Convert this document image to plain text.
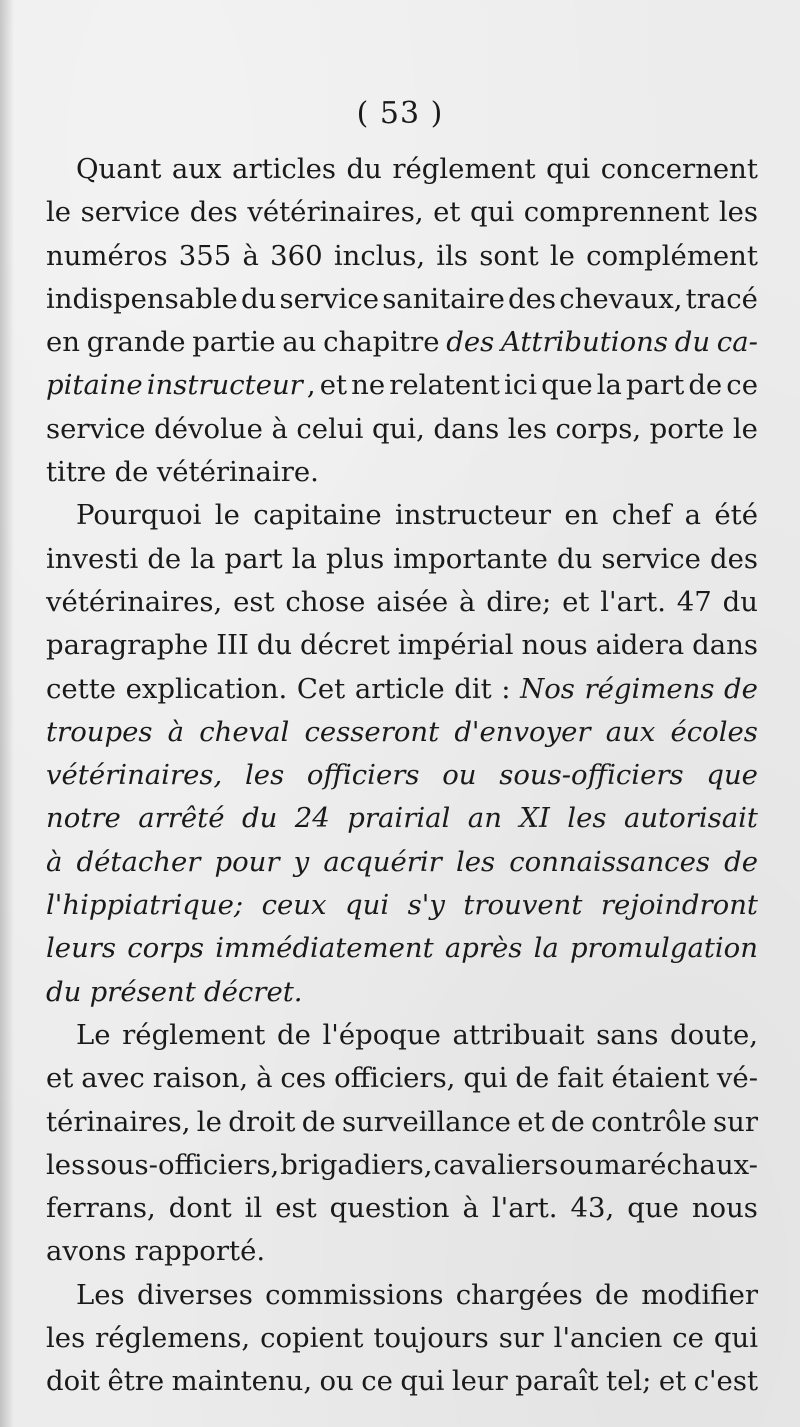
( 53 )
Quant aux articles du réglement qui concernent
le service des vétérinaires, et qui comprennent les
numéros 355 à 360 inclus, ils sont le complément
indispensable du service sanitaire des chevaux, tracé
en grande partie au chapitre des Attributions du ca-
pitaine instructeur , et ne relatent ici que la part de ce
service dévolue à celui qui, dans les corps, porte le
titre de vétérinaire.
Pourquoi le capitaine instructeur en chef a été
investi de la part la plus importante du service des
vétérinaires, est chose aisée à dire; et l'art. 47 du
paragraphe III du décret impérial nous aidera dans
cette explication. Cet article dit : Nos régimens de
troupes à cheval cesseront d'envoyer aux écoles
vétérinaires, les officiers ou sous-officiers que
notre arrêté du 24 prairial an XI les autorisait
à détacher pour y acquérir les connaissances de
l'hippiatrique; ceux qui s'y trouvent rejoindront
leurs corps immédiatement après la promulgation
du présent décret.
Le réglement de l'époque attribuait sans doute,
et avec raison, à ces officiers, qui de fait étaient vé-
térinaires, le droit de surveillance et de contrôle sur
les sous-officiers, brigadiers, cavaliers ou maréchaux-
ferrans, dont il est question à l'art. 43, que nous
avons rapporté.
Les diverses commissions chargées de modifier
les réglemens, copient toujours sur l'ancien ce qui
doit être maintenu, ou ce qui leur paraît tel; et c'est
